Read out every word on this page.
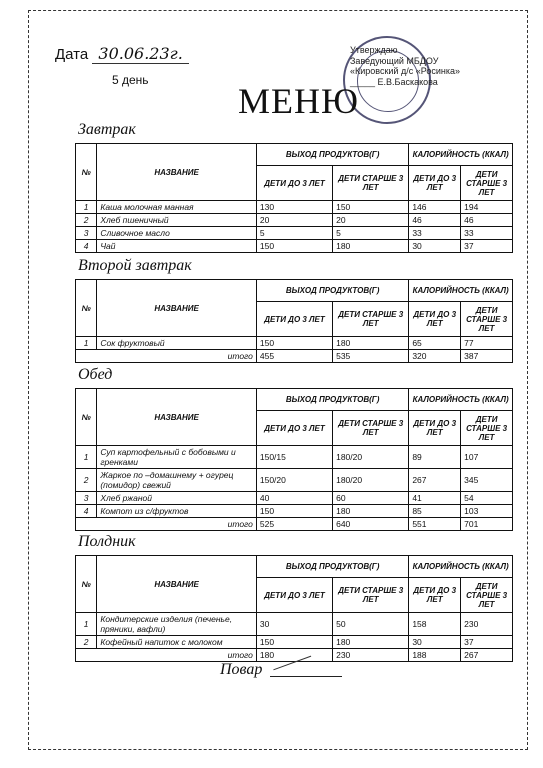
Дата 30.06.23г.
5 день
Утверждаю
Заведующий МБДОУ
«Кировский д/с «Росинка»
_____ Е.В.Баскакова
МЕНЮ
Завтрак
№	НАЗВАНИЕ	ВЫХОД ПРОДУКТОВ(Г)		КАЛОРИЙНОСТЬ (ККАЛ)	
		ДЕТИ ДО 3 ЛЕТ	ДЕТИ СТАРШЕ 3 ЛЕТ	ДЕТИ ДО 3 ЛЕТ	ДЕТИ СТАРШЕ 3 ЛЕТ
1	Каша молочная манная	130	150	146	194
2	Хлеб пшеничный	20	20	46	46
3	Сливочное масло	5	5	33	33
4	Чай	150	180	30	37
Второй завтрак
№	НАЗВАНИЕ	ВЫХОД ПРОДУКТОВ(Г)		КАЛОРИЙНОСТЬ (ККАЛ)	
		ДЕТИ ДО 3 ЛЕТ	ДЕТИ СТАРШЕ 3 ЛЕТ	ДЕТИ ДО 3 ЛЕТ	ДЕТИ СТАРШЕ 3 ЛЕТ
1	Сок фруктовый	150	180	65	77
итого		455	535	320	387
Обед
№	НАЗВАНИЕ	ВЫХОД ПРОДУКТОВ(Г)		КАЛОРИЙНОСТЬ (ККАЛ)	
		ДЕТИ ДО 3 ЛЕТ	ДЕТИ СТАРШЕ 3 ЛЕТ	ДЕТИ ДО 3 ЛЕТ	ДЕТИ СТАРШЕ 3 ЛЕТ
1	Суп картофельный с бобовыми и гренками	150/15	180/20	89	107
2	Жаркое по –домашнему + огурец (помидор) свежий	150/20	180/20	267	345
3	Хлеб ржаной	40	60	41	54
4	Компот из с/фруктов	150	180	85	103
итого		525	640	551	701
Полдник
№	НАЗВАНИЕ	ВЫХОД ПРОДУКТОВ(Г)		КАЛОРИЙНОСТЬ (ККАЛ)	
		ДЕТИ ДО 3 ЛЕТ	ДЕТИ СТАРШЕ 3 ЛЕТ	ДЕТИ ДО 3 ЛЕТ	ДЕТИ СТАРШЕ 3 ЛЕТ
1	Кондитерские изделия (печенье, пряники, вафли)	30	50	158	230
2	Кофейный напиток с молоком	150	180	30	37
итого		180	230	188	267
Повар
